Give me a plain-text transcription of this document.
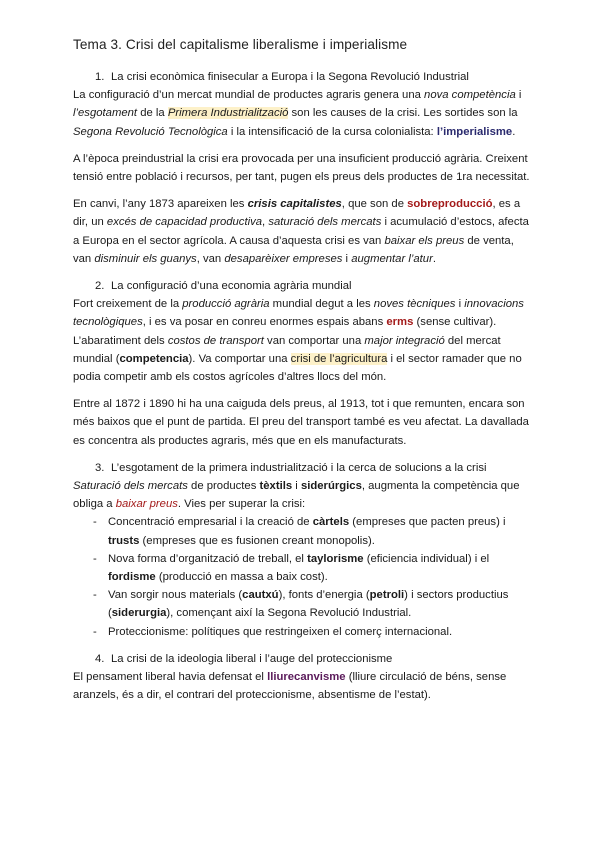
Tema 3. Crisi del capitalisme liberalisme i imperialisme
1. La crisi econòmica finisecular a Europa i la Segona Revolució Industrial

La configuració d’un mercat mundial de productes agraris genera una nova competència i l’esgotament de la Primera Industrialització son les causes de la crisi. Les sortides son la Segona Revolució Tecnològica i la intensificació de la cursa colonialista: l’imperialisme.

A l’època preindustrial la crisi era provocada per una insuficient producció agrària. Creixent tensió entre població i recursos, per tant, pugen els preus dels productes de 1ra necessitat.

En canvi, l’any 1873 apareixen les crisis capitalistes, que son de sobreproducció, es a dir, un excés de capacidad productiva, saturació dels mercats i acumulació d’estocs, afecta a Europa en el sector agrícola. A causa d’aquesta crisi es van baixar els preus de venta, van disminuir els guanys, van desaparèixer empreses i augmentar l’atur.

2. La configuració d’una economia agrària mundial

Fort creixement de la producció agrària mundial degut a les noves tècniques i innovacions tecnològiques, i es va posar en conreu enormes espais abans erms (sense cultivar). L’abaratiment dels costos de transport van comportar una major integració del mercat mundial (competencia). Va comportar una crisi de l’agricultura i el sector ramader que no podia competir amb els costos agrícoles d’altres llocs del món.

Entre al 1872 i 1890 hi ha una caiguda dels preus, al 1913, tot i que remunten, encara son més baixos que el punt de partida. El preu del transport també es veu afectat. La davallada es concentra als productes agraris, més que en els manufacturats.

3. L’esgotament de la primera industrialització i la cerca de solucions a la crisi

Saturació dels mercats de productes tèxtils i siderúrgics, augmenta la competència que obliga a baixar preus. Vies per superar la crisi:

- Concentració empresarial i la creació de càrtels (empreses que pacten preus) i trusts (empreses que es fusionen creant monopolis).
- Nova forma d’organització de treball, el taylorisme (eficiencia individual) i el fordisme (producció en massa a baix cost).
- Van sorgir nous materials (cautxú), fonts d’energia (petroli) i sectors productius (siderurgia), començant així la Segona Revolució Industrial.
- Proteccionisme: polítiques que restringeixen el comerç internacional.
4. La crisi de la ideologia liberal i l’auge del proteccionisme

El pensament liberal havia defensat el lliurecanvisme (lliure circulació de béns, sense aranzels, és a dir, el contrari del proteccionisme, absentisme de l’estat).
